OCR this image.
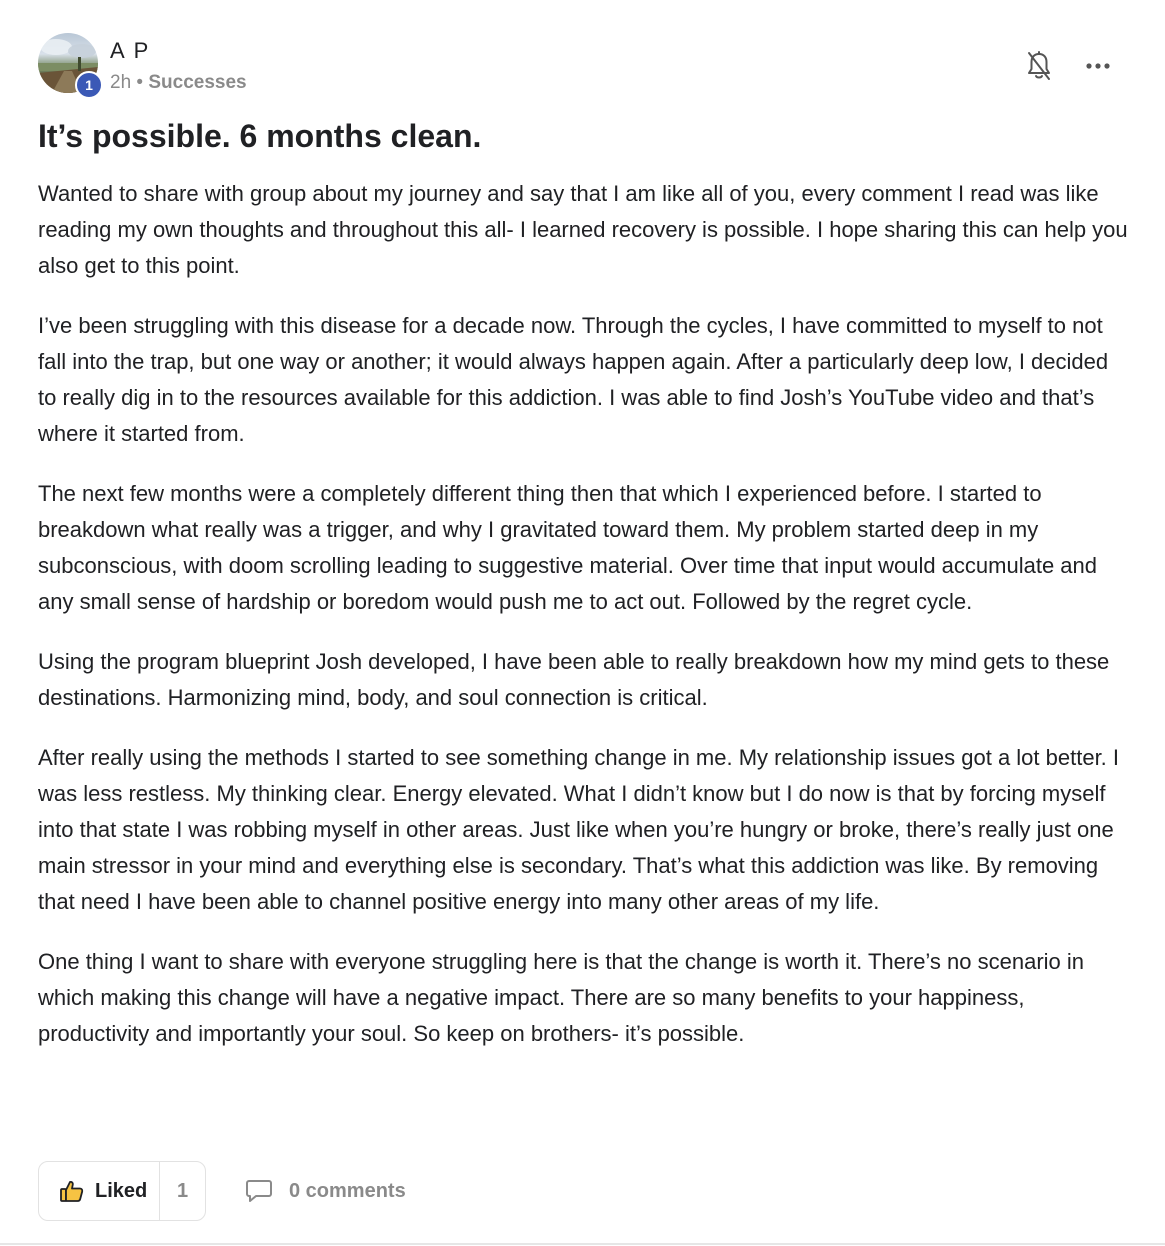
1
A P
2h • Successes
It’s possible. 6 months clean.

Wanted to share with group about my journey and say that I am like all of you, every comment I read was like reading my own thoughts and throughout this all- I learned recovery is possible. I hope sharing this can help you also get to this point.

I’ve been struggling with this disease for a decade now. Through the cycles, I have committed to myself to not fall into the trap, but one way or another; it would always happen again. After a particularly deep low, I decided to really dig in to the resources available for this addiction. I was able to find Josh’s YouTube video and that’s where it started from.

The next few months were a completely different thing then that which I experienced before. I started to breakdown what really was a trigger, and why I gravitated toward them. My problem started deep in my subconscious, with doom scrolling leading to suggestive material. Over time that input would accumulate and any small sense of hardship or boredom would push me to act out. Followed by the regret cycle.

Using the program blueprint Josh developed, I have been able to really breakdown how my mind gets to these destinations. Harmonizing mind, body, and soul connection is critical.

After really using the methods I started to see something change in me. My relationship issues got a lot better. I was less restless. My thinking clear. Energy elevated. What I didn’t know but I do now is that by forcing myself into that state I was robbing myself in other areas. Just like when you’re hungry or broke, there’s really just one main stressor in your mind and everything else is secondary. That’s what this addiction was like. By removing that need I have been able to channel positive energy into many other areas of my life.

One thing I want to share with everyone struggling here is that the change is worth it. There’s no scenario in which making this change will have a negative impact. There are so many benefits to your happiness, productivity and importantly your soul. So keep on brothers- it’s possible.

Liked	1	0 comments
